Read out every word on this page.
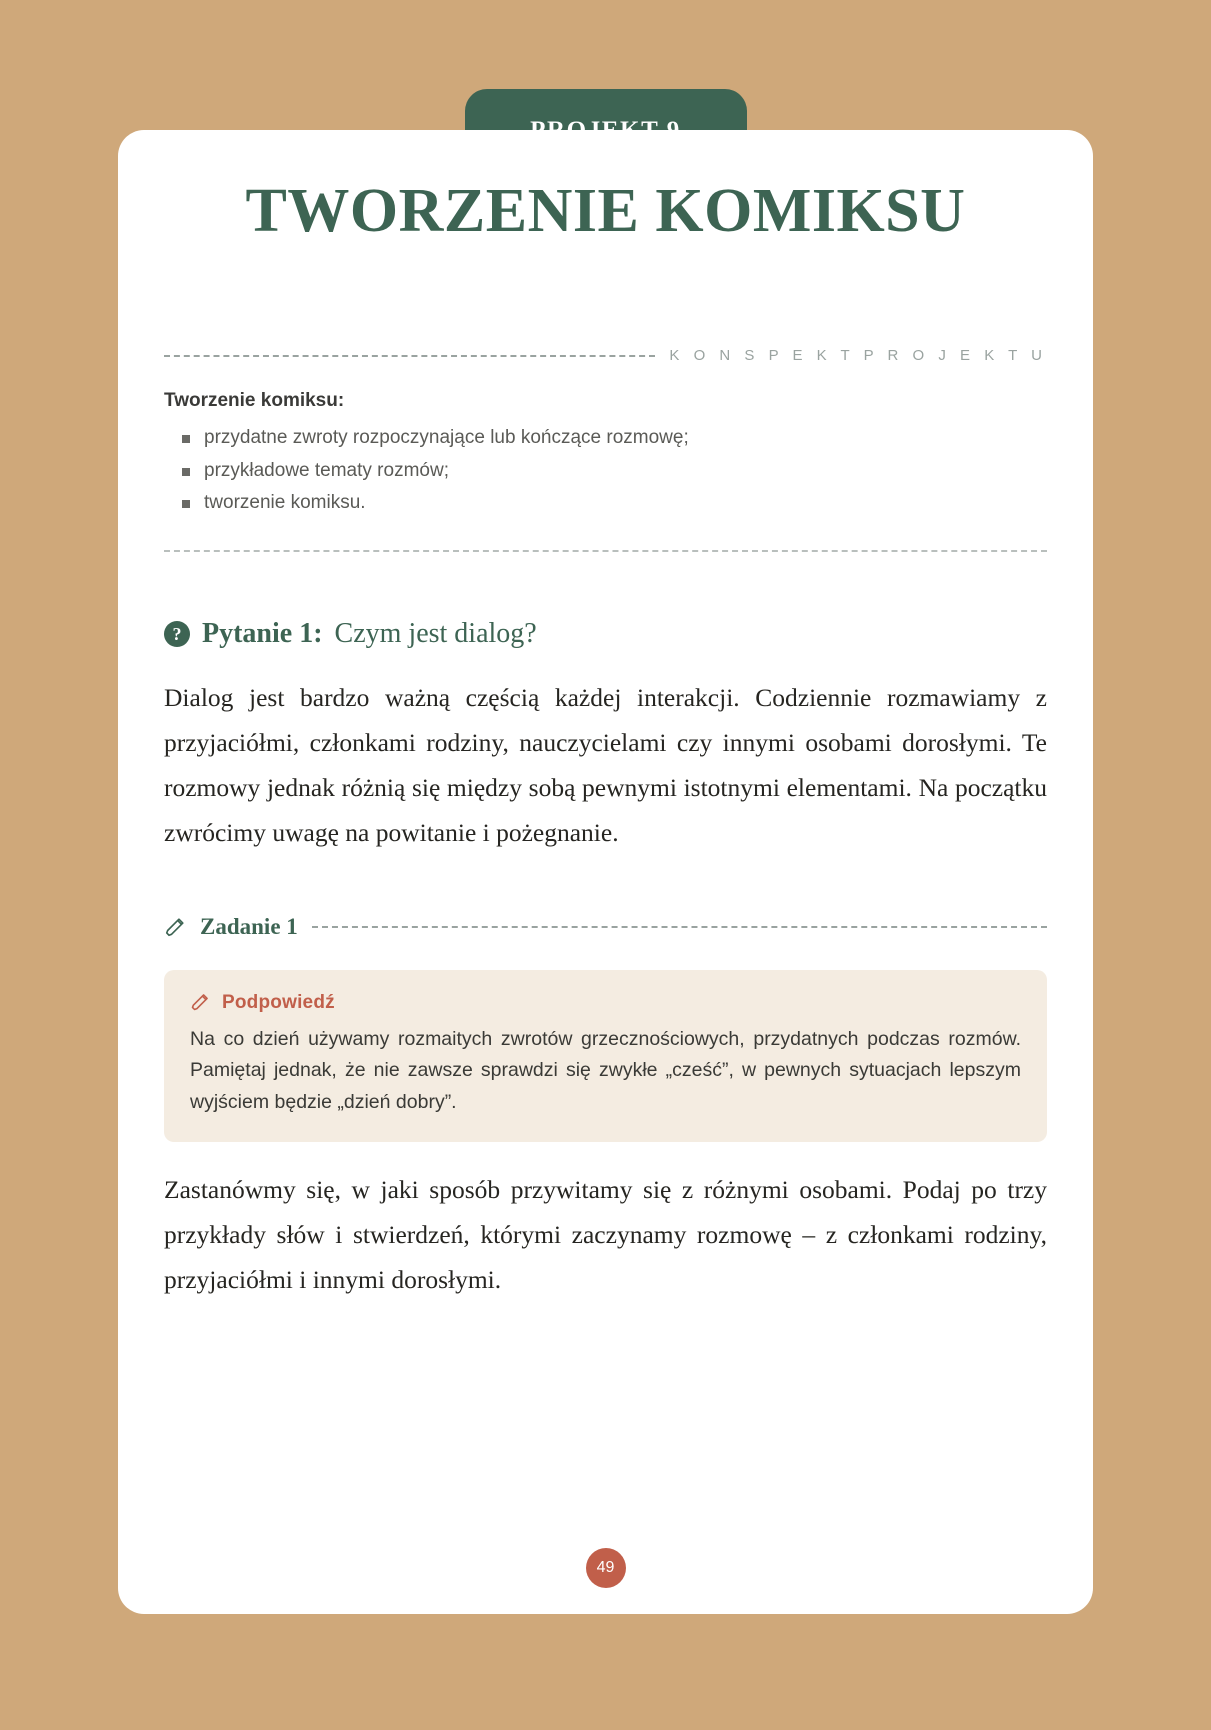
TWORZENIE KOMIKSU
K O N S P E K T P R O J E K T U
Tworzenie komiksu:
przydatne zwroty rozpoczynające lub kończące rozmowę;
przykładowe tematy rozmów;
tworzenie komiksu.
? Pytanie 1: Czym jest dialog?

Dialog jest bardzo ważną częścią każdej interakcji. Codziennie rozmawiamy z przyjaciółmi, członkami rodziny, nauczycielami czy innymi osobami dorosłymi. Te rozmowy jednak różnią się między sobą pewnymi istotnymi elementami. Na początku zwrócimy uwagę na powitanie i pożegnanie.

Zadanie 1
Podpowiedź
Na co dzień używamy rozmaitych zwrotów grzecznościowych, przydatnych podczas rozmów. Pamiętaj jednak, że nie zawsze sprawdzi się zwykłe „cześć”, w pewnych sytuacjach lepszym wyjściem będzie „dzień dobry”.

Zastanówmy się, w jaki sposób przywitamy się z różnymi osobami. Podaj po trzy przykłady słów i stwierdzeń, którymi zaczynamy rozmowę – z członkami rodziny, przyjaciółmi i innymi dorosłymi.

49
